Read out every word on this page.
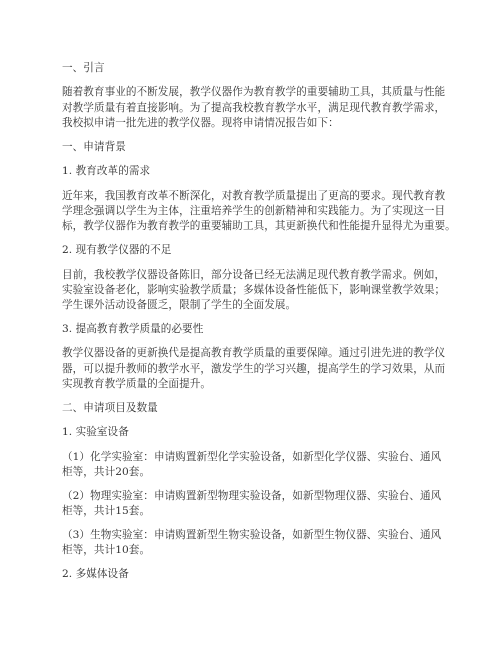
一、引言
随着教育事业的不断发展，教学仪器作为教育教学的重要辅助工具，其质量与性能
对教学质量有着直接影响。为了提高我校教育教学水平，满足现代教育教学需求，
我校拟申请一批先进的教学仪器。现将申请情况报告如下：
一、申请背景
1. 教育改革的需求
近年来，我国教育改革不断深化，对教育教学质量提出了更高的要求。现代教育教
学理念强调以学生为主体，注重培养学生的创新精神和实践能力。为了实现这一目
标，教学仪器作为教育教学的重要辅助工具，其更新换代和性能提升显得尤为重要。
2. 现有教学仪器的不足
目前，我校教学仪器设备陈旧，部分设备已经无法满足现代教育教学需求。例如，
实验室设备老化，影响实验教学质量；多媒体设备性能低下，影响课堂教学效果；
学生课外活动设备匮乏，限制了学生的全面发展。
3. 提高教育教学质量的必要性
教学仪器设备的更新换代是提高教育教学质量的重要保障。通过引进先进的教学仪
器，可以提升教师的教学水平，激发学生的学习兴趣，提高学生的学习效果，从而
实现教育教学质量的全面提升。
二、申请项目及数量
1. 实验室设备
（1）化学实验室：申请购置新型化学实验设备，如新型化学仪器、实验台、通风
柜等，共计20套。
（2）物理实验室：申请购置新型物理实验设备，如新型物理仪器、实验台、通风
柜等，共计15套。
（3）生物实验室：申请购置新型生物实验设备，如新型生物仪器、实验台、通风
柜等，共计10套。
2. 多媒体设备
